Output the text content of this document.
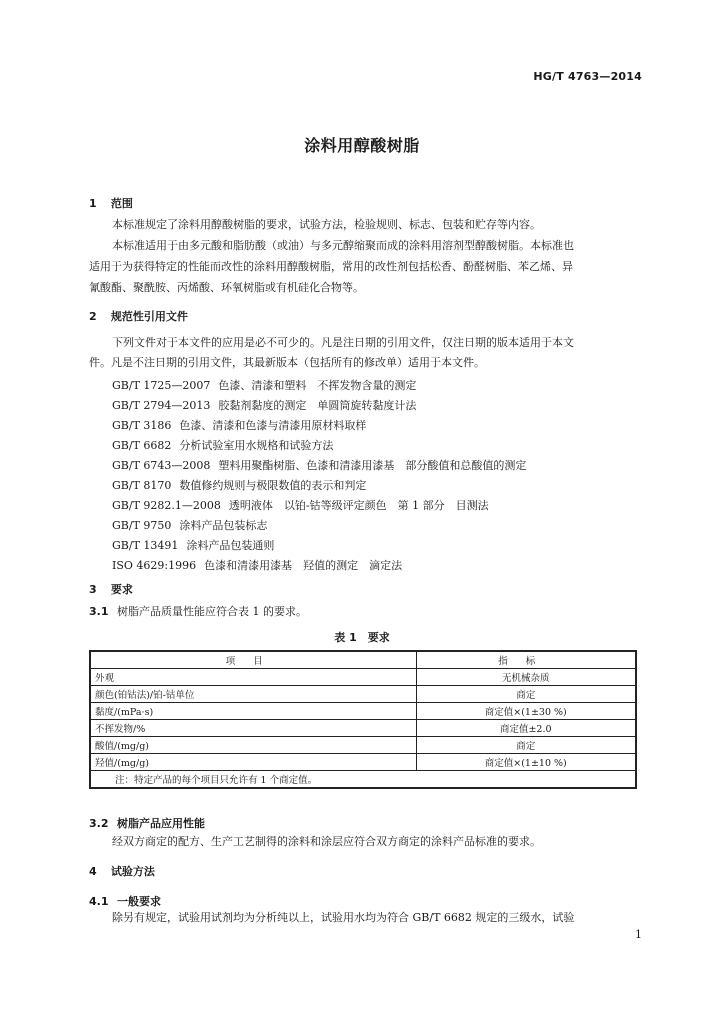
HG/T 4763—2014
涂料用醇酸树脂
1 范围
本标准规定了涂料用醇酸树脂的要求，试验方法，检验规则、标志、包装和贮存等内容。
本标准适用于由多元酸和脂肪酸（或油）与多元醇缩聚而成的涂料用溶剂型醇酸树脂。本标准也
适用于为获得特定的性能而改性的涂料用醇酸树脂，常用的改性剂包括松香、酚醛树脂、苯乙烯、异
氰酸酯、聚酰胺、丙烯酸、环氧树脂或有机硅化合物等。
2 规范性引用文件
下列文件对于本文件的应用是必不可少的。凡是注日期的引用文件，仅注日期的版本适用于本文
件。凡是不注日期的引用文件，其最新版本（包括所有的修改单）适用于本文件。
GB/T 1725—2007 色漆、清漆和塑料　不挥发物含量的测定
GB/T 2794—2013 胶黏剂黏度的测定　单圆筒旋转黏度计法
GB/T 3186 色漆、清漆和色漆与清漆用原材料取样
GB/T 6682 分析试验室用水规格和试验方法
GB/T 6743—2008 塑料用聚酯树脂、色漆和清漆用漆基　部分酸值和总酸值的测定
GB/T 8170 数值修约规则与极限数值的表示和判定
GB/T 9282.1—2008 透明液体　以铂-钴等级评定颜色　第 1 部分　目测法
GB/T 9750 涂料产品包装标志
GB/T 13491 涂料产品包装通则
ISO 4629:1996 色漆和清漆用漆基　羟值的测定　滴定法
3 要求
3.1 树脂产品质量性能应符合表 1 的要求。
表 1　要求
项目	指标
外观	无机械杂质
颜色(铂钴法)/铂-钴单位	商定
黏度/(mPa·s)	商定值×(1±30 %)
不挥发物/%	商定值±2.0
酸值/(mg/g)	商定
羟值/(mg/g)	商定值×(1±10 %)
注：特定产品的每个项目只允许有 1 个商定值。	
3.2 树脂产品应用性能
经双方商定的配方、生产工艺制得的涂料和涂层应符合双方商定的涂料产品标准的要求。
4 试验方法
4.1 一般要求
除另有规定，试验用试剂均为分析纯以上，试验用水均为符合 GB/T 6682 规定的三级水，试验
1
